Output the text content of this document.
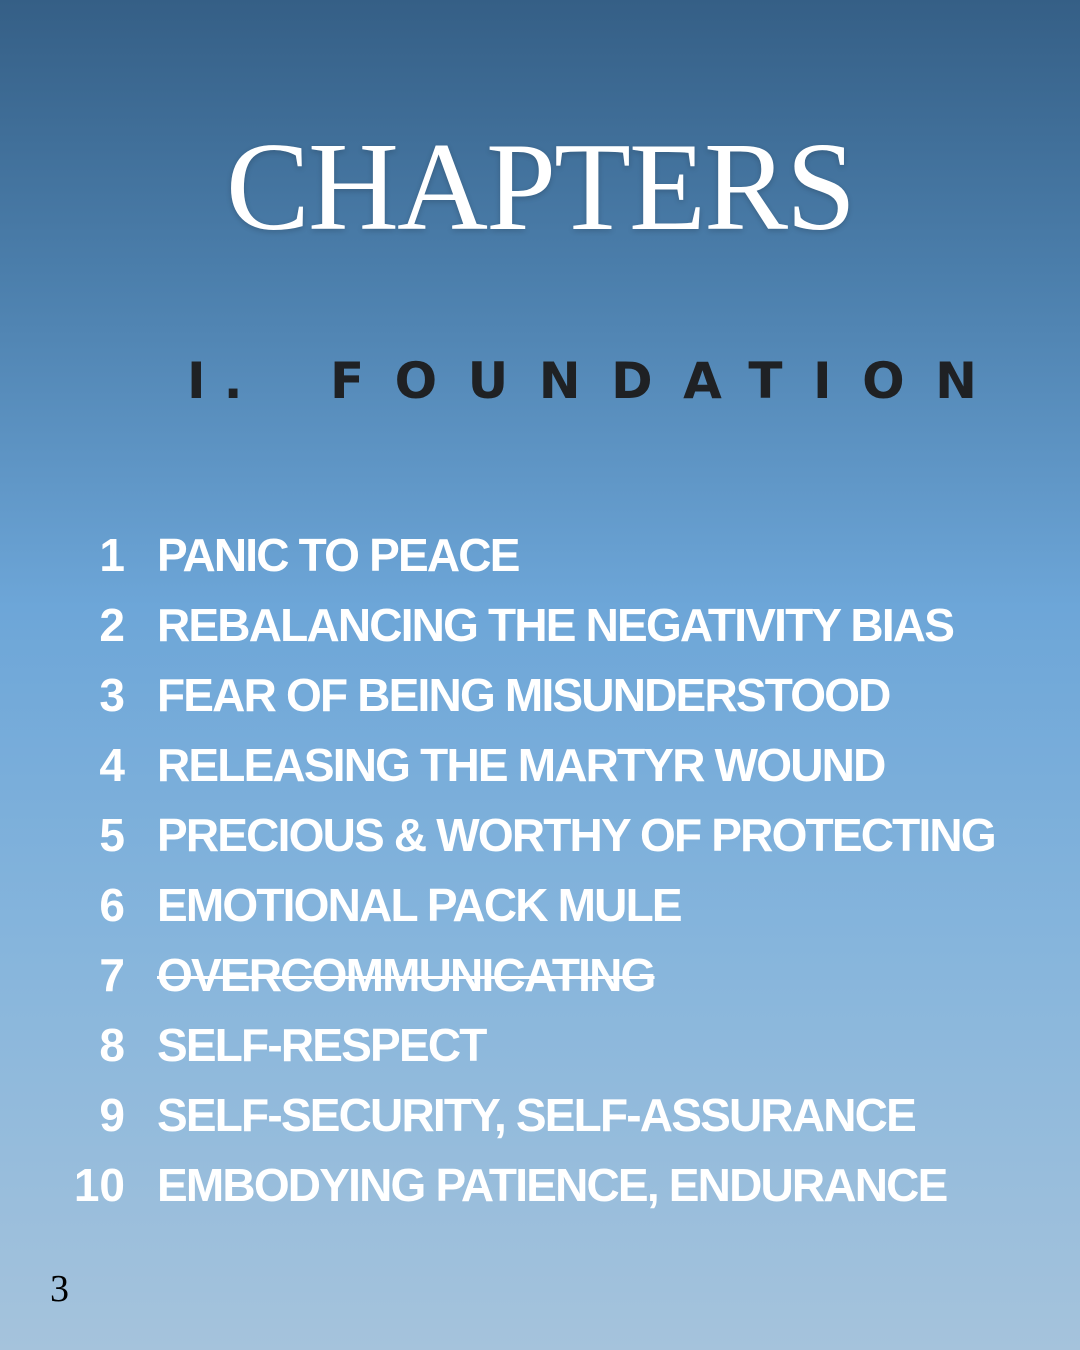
CHAPTERS
I. FOUNDATION
1 PANIC TO PEACE
2 REBALANCING THE NEGATIVITY BIAS
3 FEAR OF BEING MISUNDERSTOOD
4 RELEASING THE MARTYR WOUND
5 PRECIOUS & WORTHY OF PROTECTING
6 EMOTIONAL PACK MULE
7 OVERCOMMUNICATING
8 SELF-RESPECT
9 SELF-SECURITY, SELF-ASSURANCE
10 EMBODYING PATIENCE, ENDURANCE
3
